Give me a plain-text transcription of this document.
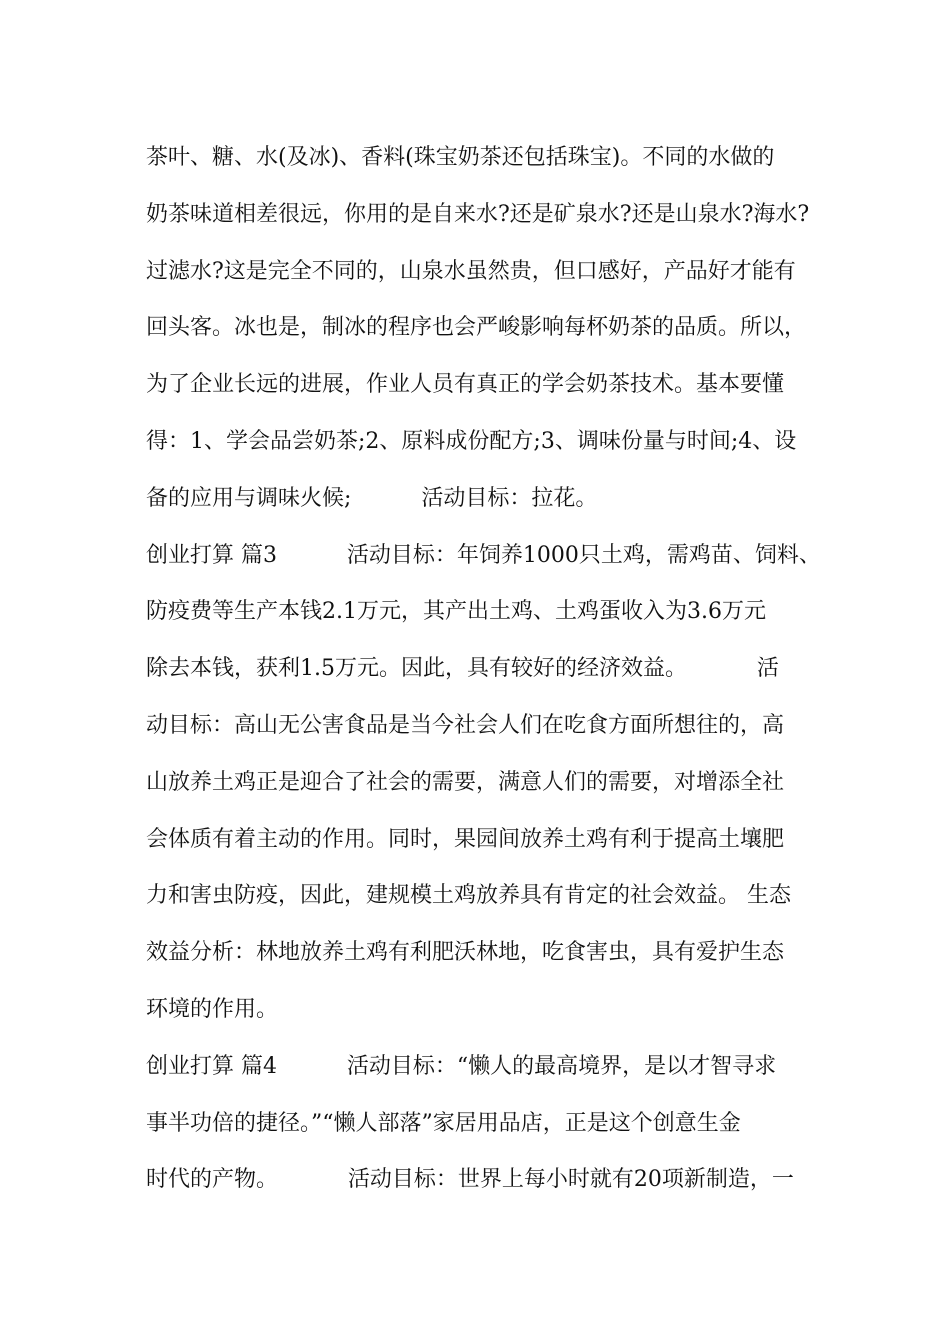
茶叶、糖、水(及冰)、香料(珠宝奶茶还包括珠宝)。不同的水做的
奶茶味道相差很远，你用的是自来水?还是矿泉水?还是山泉水?海水?
过滤水?这是完全不同的，山泉水虽然贵，但口感好，产品好才能有
回头客。冰也是，制冰的程序也会严峻影响每杯奶茶的品质。所以，
为了企业长远的进展，作业人员有真正的学会奶茶技术。基本要懂
得：1、学会品尝奶茶;2、原料成份配方;3、调味份量与时间;4、设
备的应用与调味火候;          活动目标：拉花。
创业打算 篇3          活动目标：年饲养1000只土鸡，需鸡苗、饲料、
防疫费等生产本钱2.1万元，其产出土鸡、土鸡蛋收入为3.6万元
除去本钱，获利1.5万元。因此，具有较好的经济效益。          活
动目标：高山无公害食品是当今社会人们在吃食方面所想往的，高
山放养土鸡正是迎合了社会的需要，满意人们的需要，对增添全社
会体质有着主动的作用。同时，果园间放养土鸡有利于提高土壤肥
力和害虫防疫，因此，建规模土鸡放养具有肯定的社会效益。 生态
效益分析：林地放养土鸡有利肥沃林地，吃食害虫，具有爱护生态
环境的作用。
创业打算 篇4          活动目标：“懒人的最高境界，是以才智寻求
事半功倍的捷径。”“懒人部落”家居用品店，正是这个创意生金
时代的产物。          活动目标：世界上每小时就有20项新制造，一
